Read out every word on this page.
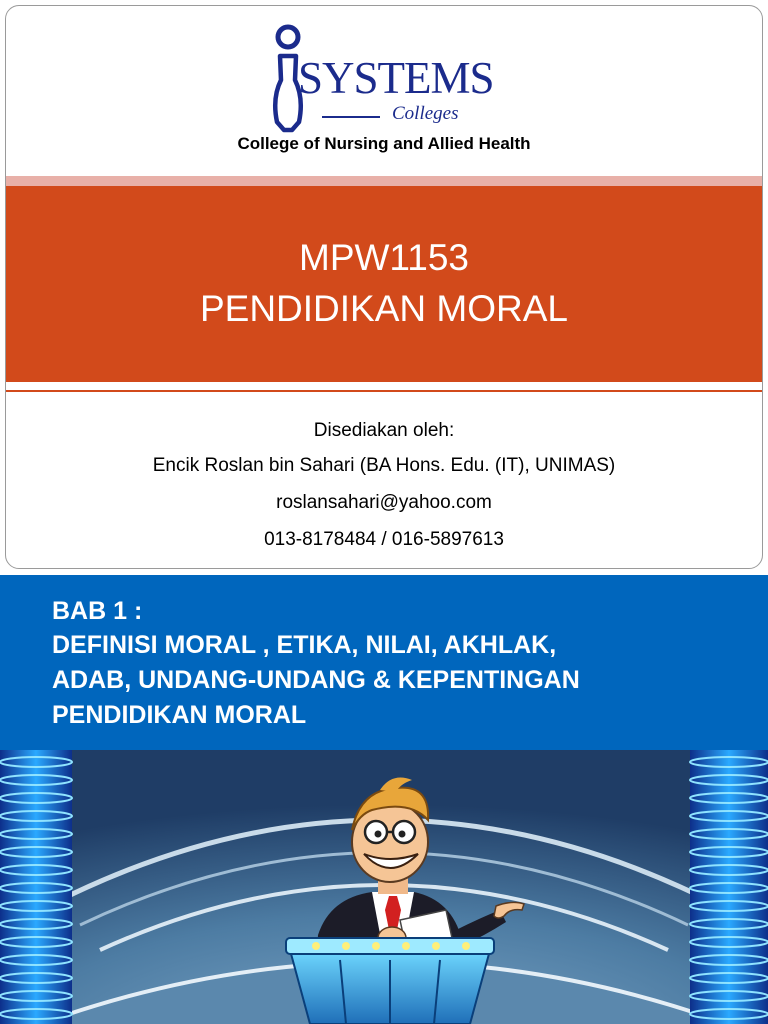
SYSTEMS
Colleges
College of Nursing and Allied Health
MPW1153
PENDIDIKAN MORAL
Disediakan oleh:
Encik Roslan bin Sahari (BA Hons. Edu. (IT), UNIMAS)
roslansahari@yahoo.com
013-8178484 / 016-5897613
BAB 1 :
DEFINISI MORAL , ETIKA, NILAI, AKHLAK,
ADAB, UNDANG-UNDANG & KEPENTINGAN
PENDIDIKAN MORAL
